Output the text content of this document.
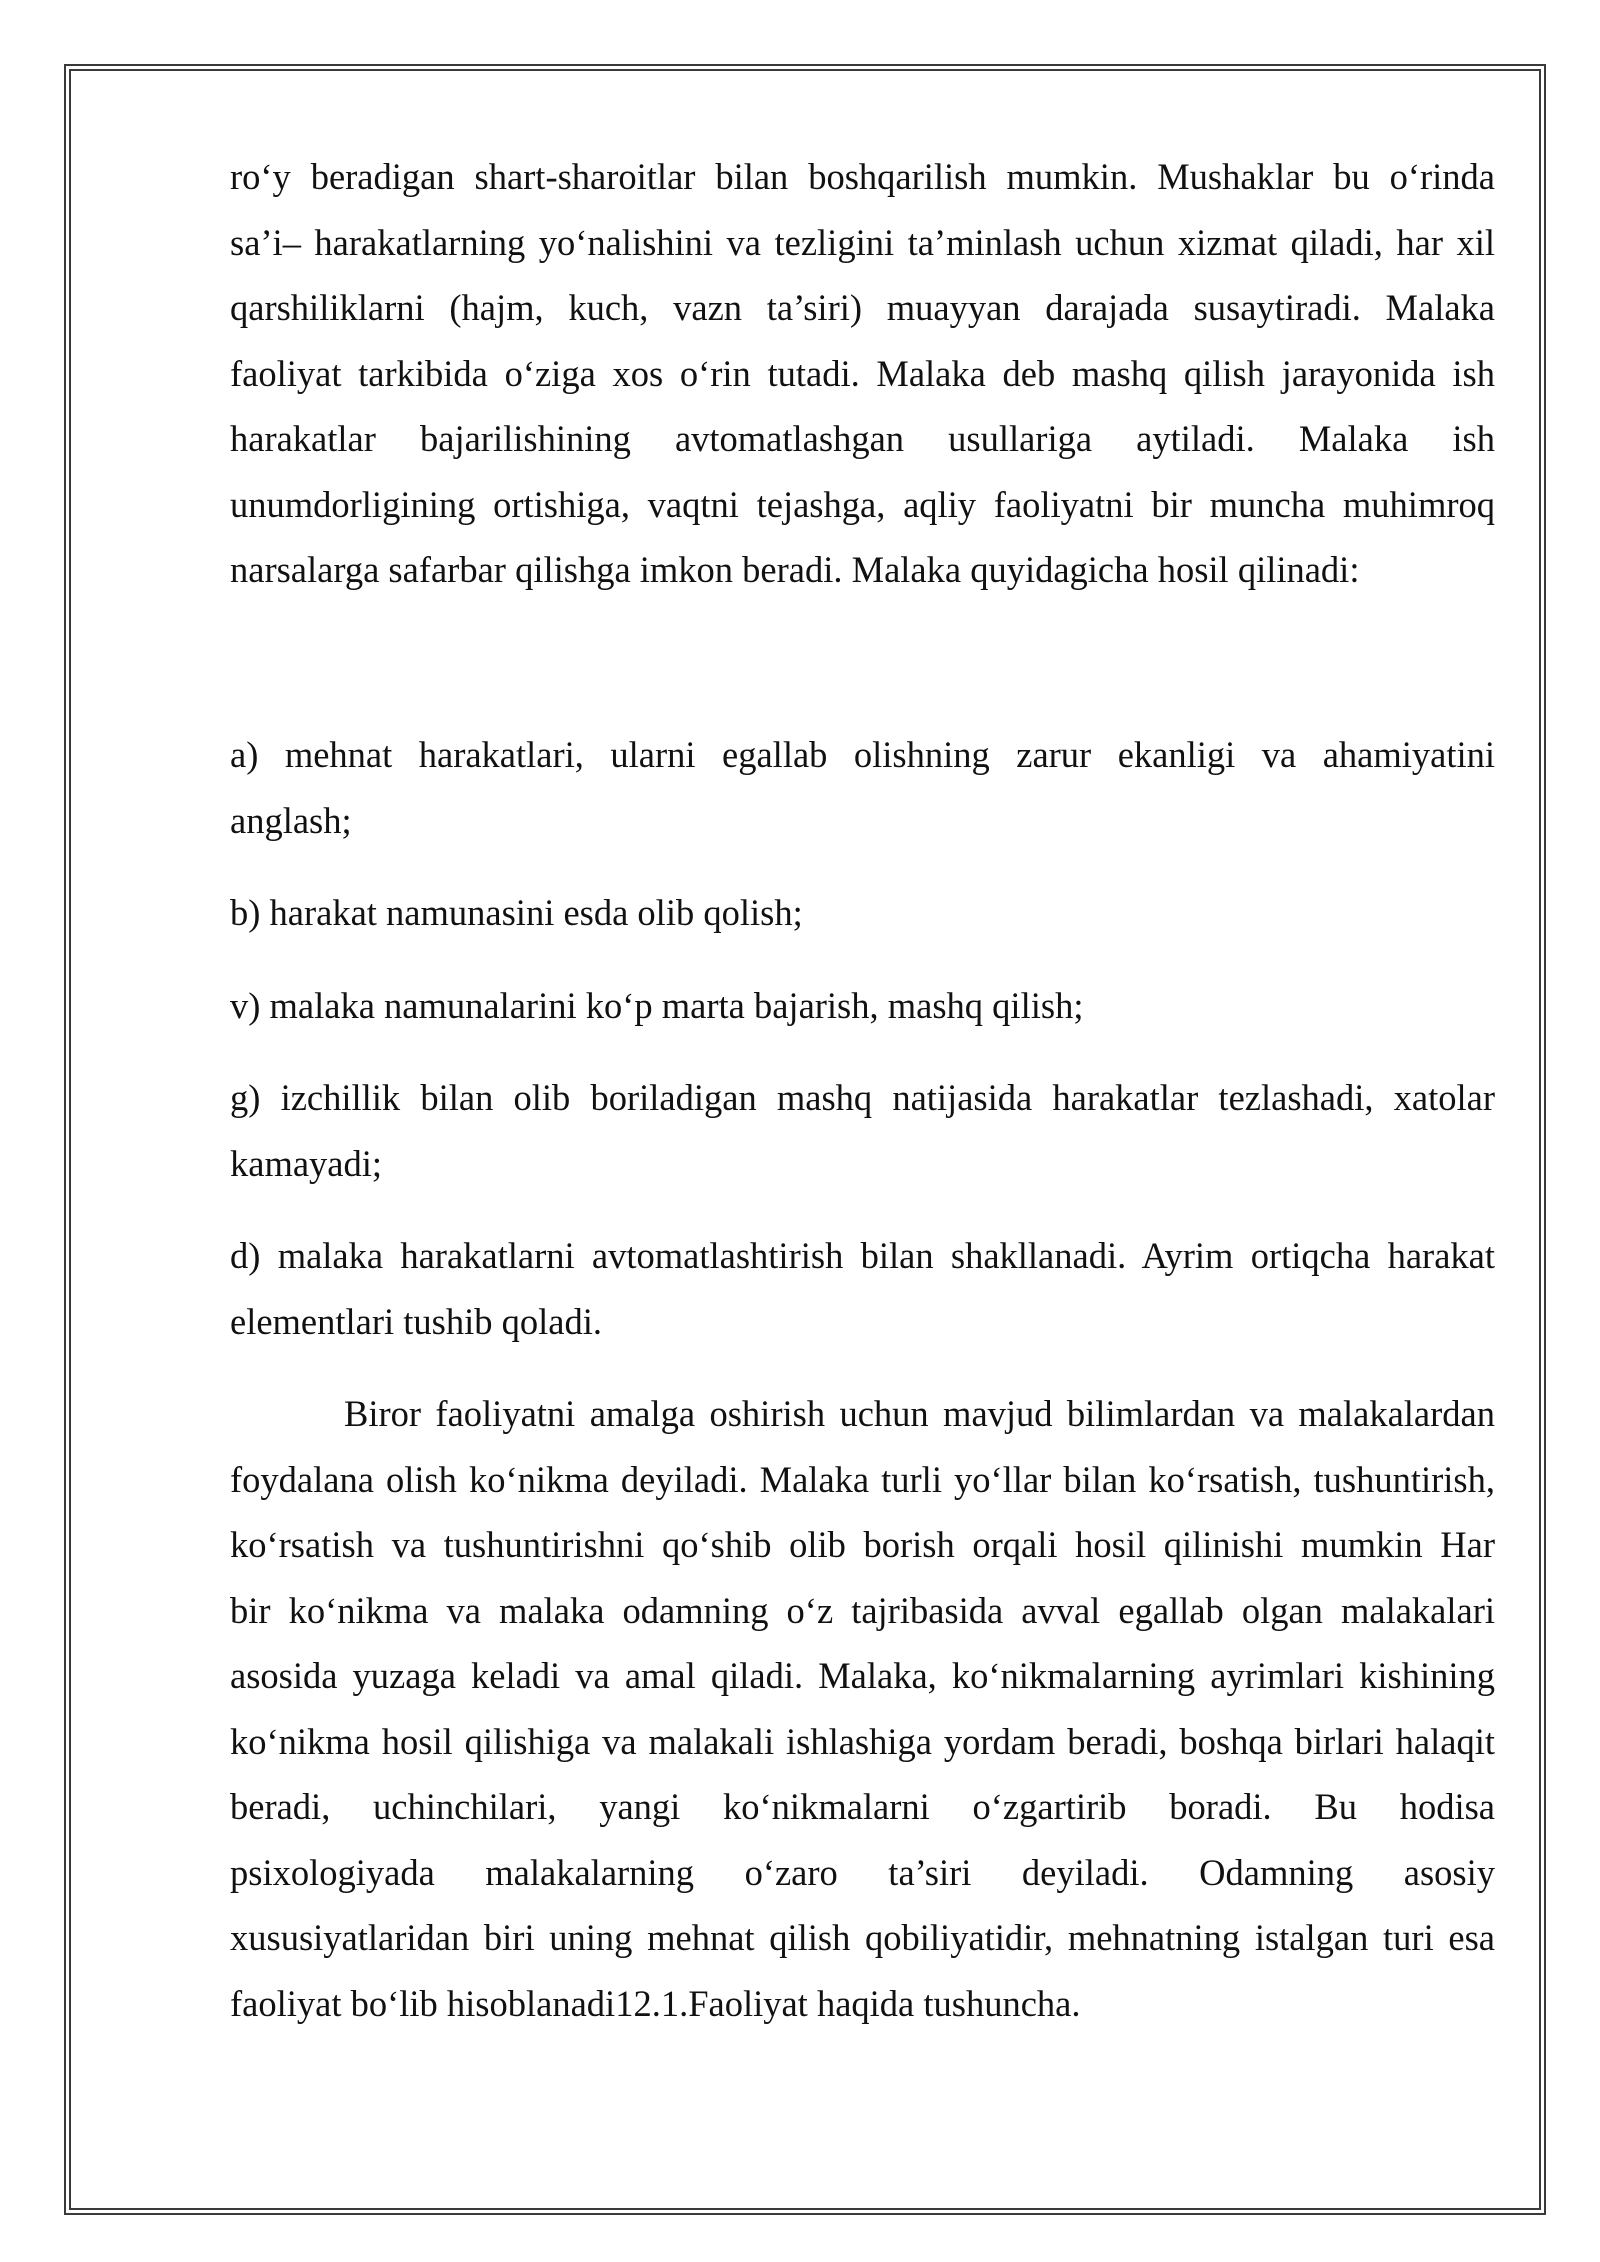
ro‘y beradigan shart-sharoitlar bilan boshqarilish mumkin. Mushaklar bu o‘rinda
sa’i– harakatlarning yo‘nalishini va tezligini ta’minlash uchun xizmat qiladi, har xil
qarshiliklarni (hajm, kuch, vazn ta’siri) muayyan darajada susaytiradi. Malaka
faoliyat tarkibida o‘ziga xos o‘rin tutadi. Malaka deb mashq qilish jarayonida ish
harakatlar bajarilishining avtomatlashgan usullariga aytiladi. Malaka ish
unumdorligining ortishiga, vaqtni tejashga, aqliy faoliyatni bir muncha muhimroq
narsalarga safarbar qilishga imkon beradi. Malaka quyidagicha hosil qilinadi:
a) mehnat harakatlari, ularni egallab olishning zarur ekanligi va ahamiyatini
anglash;
b) harakat namunasini esda olib qolish;
v) malaka namunalarini ko‘p marta bajarish, mashq qilish;
g) izchillik bilan olib boriladigan mashq natijasida harakatlar tezlashadi, xatolar
kamayadi;
d) malaka harakatlarni avtomatlashtirish bilan shakllanadi. Ayrim ortiqcha harakat
elementlari tushib qoladi.
Biror faoliyatni amalga oshirish uchun mavjud bilimlardan va malakalardan
foydalana olish ko‘nikma deyiladi. Malaka turli yo‘llar bilan ko‘rsatish, tushuntirish,
ko‘rsatish va tushuntirishni qo‘shib olib borish orqali hosil qilinishi mumkin Har
bir ko‘nikma va malaka odamning o‘z tajribasida avval egallab olgan malakalari
asosida yuzaga keladi va amal qiladi. Malaka, ko‘nikmalarning ayrimlari kishining
ko‘nikma hosil qilishiga va malakali ishlashiga yordam beradi, boshqa birlari halaqit
beradi, uchinchilari, yangi ko‘nikmalarni o‘zgartirib boradi. Bu hodisa
psixologiyada malakalarning o‘zaro ta’siri deyiladi. Odamning asosiy
xususiyatlaridan biri uning mehnat qilish qobiliyatidir, mehnatning istalgan turi esa
faoliyat bo‘lib hisoblanadi12.1.Faoliyat haqida tushuncha.
